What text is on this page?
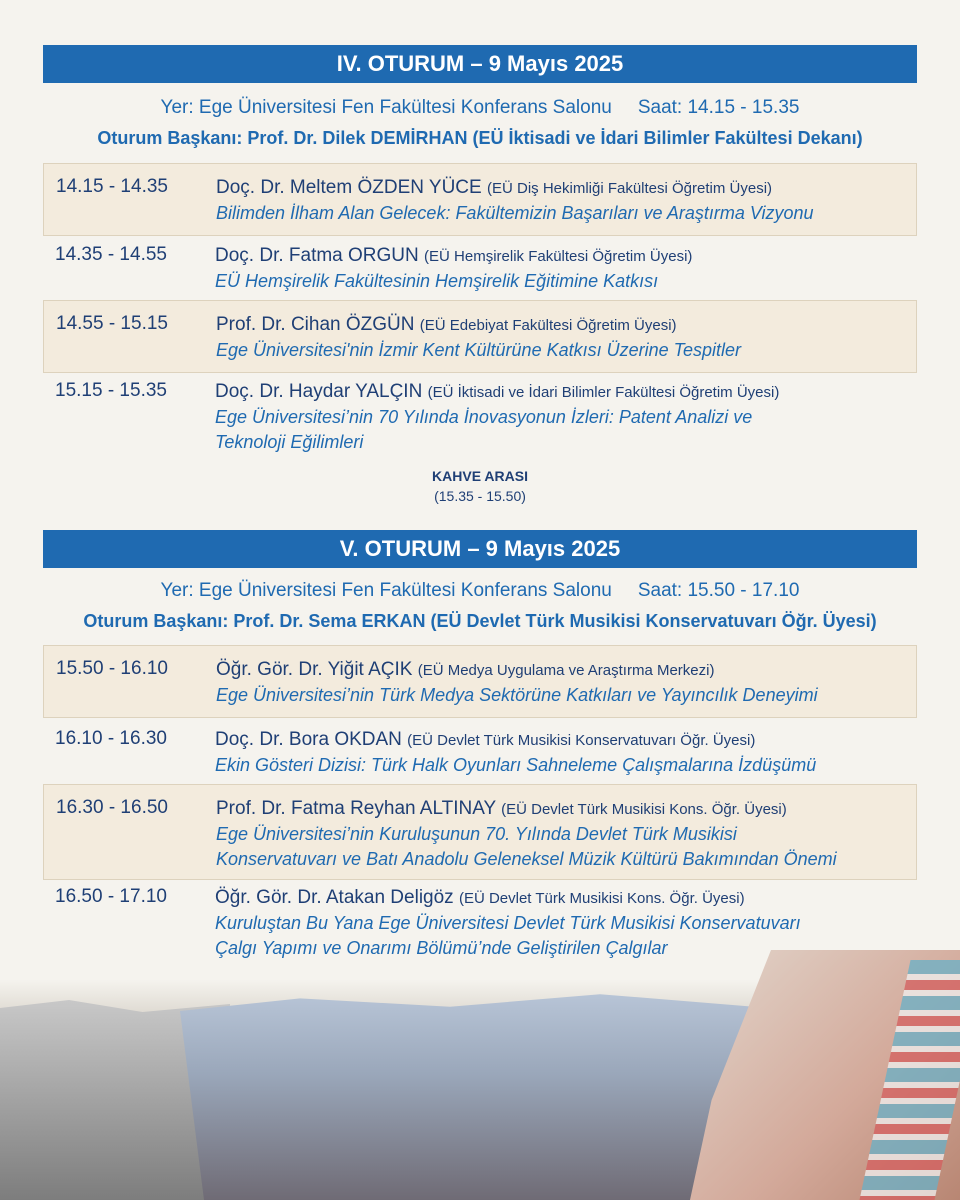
IV. OTURUM – 9 Mayıs 2025
Yer: Ege Üniversitesi Fen Fakültesi Konferans Salonu Saat: 14.15 - 15.35
Oturum Başkanı: Prof. Dr. Dilek DEMİRHAN (EÜ İktisadi ve İdari Bilimler Fakültesi Dekanı)
14.15 - 14.35	Doç. Dr. Meltem ÖZDEN YÜCE (EÜ Diş Hekimliği Fakültesi Öğretim Üyesi)
Bilimden İlham Alan Gelecek: Fakültemizin Başarıları ve Araştırma Vizyonu
14.35 - 14.55	Doç. Dr. Fatma ORGUN (EÜ Hemşirelik Fakültesi Öğretim Üyesi)
EÜ Hemşirelik Fakültesinin Hemşirelik Eğitimine Katkısı
14.55 - 15.15	Prof. Dr. Cihan ÖZGÜN (EÜ Edebiyat Fakültesi Öğretim Üyesi)
Ege Üniversitesi'nin İzmir Kent Kültürüne Katkısı Üzerine Tespitler
15.15 - 15.35	Doç. Dr. Haydar YALÇIN (EÜ İktisadi ve İdari Bilimler Fakültesi Öğretim Üyesi)
Ege Üniversitesi’nin 70 Yılında İnovasyonun İzleri: Patent Analizi ve
Teknoloji Eğilimleri
KAHVE ARASI
(15.35 - 15.50)
V. OTURUM – 9 Mayıs 2025
Yer: Ege Üniversitesi Fen Fakültesi Konferans Salonu Saat: 15.50 - 17.10
Oturum Başkanı: Prof. Dr. Sema ERKAN (EÜ Devlet Türk Musikisi Konservatuvarı Öğr. Üyesi)
15.50 - 16.10	Öğr. Gör. Dr. Yiğit AÇIK (EÜ Medya Uygulama ve Araştırma Merkezi)
Ege Üniversitesi’nin Türk Medya Sektörüne Katkıları ve Yayıncılık Deneyimi
16.10 - 16.30	Doç. Dr. Bora OKDAN (EÜ Devlet Türk Musikisi Konservatuvarı Öğr. Üyesi)
Ekin Gösteri Dizisi: Türk Halk Oyunları Sahneleme Çalışmalarına İzdüşümü
16.30 - 16.50	Prof. Dr. Fatma Reyhan ALTINAY (EÜ Devlet Türk Musikisi Kons. Öğr. Üyesi)
Ege Üniversitesi’nin Kuruluşunun 70. Yılında Devlet Türk Musikisi
Konservatuvarı ve Batı Anadolu Geleneksel Müzik Kültürü Bakımından Önemi
16.50 - 17.10	Öğr. Gör. Dr. Atakan Deligöz (EÜ Devlet Türk Musikisi Kons. Öğr. Üyesi)
Kuruluştan Bu Yana Ege Üniversitesi Devlet Türk Musikisi Konservatuvarı
Çalgı Yapımı ve Onarımı Bölümü’nde Geliştirilen Çalgılar
